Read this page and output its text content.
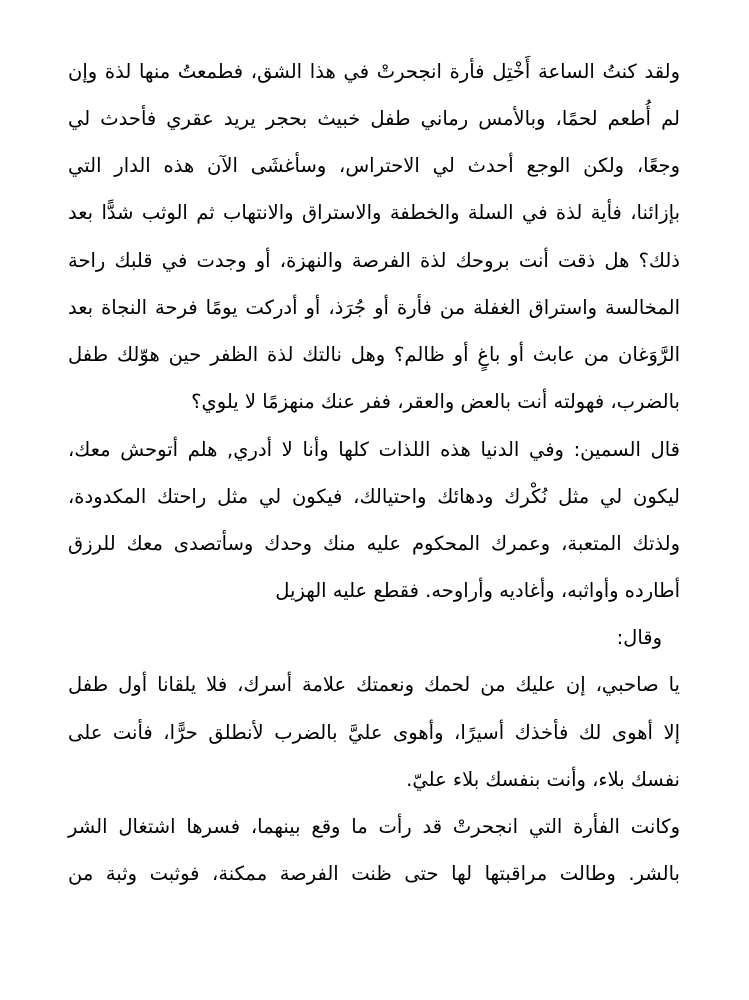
ولقد كنتُ الساعة أَخْتِل فأرة انجحرتْ في هذا الشق، فطمعتُ منها لذة وإن
لم أُطعم لحمًا، وبالأمس رماني طفل خبيث بحجر يريد عقري فأحدث لي
وجعًا، ولكن الوجع أحدث لي الاحتراس، وسأغشَى الآن هذه الدار التي
بإزائنا، فأية لذة في السلة والخطفة والاستراق والانتهاب ثم الوثب شدًّا بعد
ذلك؟ هل ذقت أنت بروحك لذة الفرصة والنهزة، أو وجدت في قلبك راحة
المخالسة واستراق الغفلة من فأرة أو جُرَذ، أو أدركت يومًا فرحة النجاة بعد
الرَّوَغان من عابث أو باغٍ أو ظالم؟ وهل نالتك لذة الظفر حين هوّلك طفل
بالضرب، فهولته أنت بالعض والعقر، ففر عنك منهزمًا لا يلوي؟
قال السمين: وفي الدنيا هذه اللذات كلها وأنا لا أدري, هلم أتوحش معك،
ليكون لي مثل نُكْرك ودهائك واحتيالك، فيكون لي مثل راحتك المكدودة،
ولذتك المتعبة، وعمرك المحكوم عليه منك وحدك وسأتصدى معك للرزق
أطارده وأواثبه، وأغاديه وأراوحه. فقطع عليه الهزيل
وقال:
يا صاحبي، إن عليك من لحمك ونعمتك علامة أسرك، فلا يلقانا أول طفل
إلا أهوى لك فأخذك أسيرًا، وأهوى عليَّ بالضرب لأنطلق حرًّا، فأنت على
نفسك بلاء، وأنت بنفسك بلاء عليّ.
وكانت الفأرة التي انجحرتْ قد رأت ما وقع بينهما، فسرها اشتغال الشر
بالشر. وطالت مراقبتها لها حتى ظنت الفرصة ممكنة، فوثبت وثبة من
